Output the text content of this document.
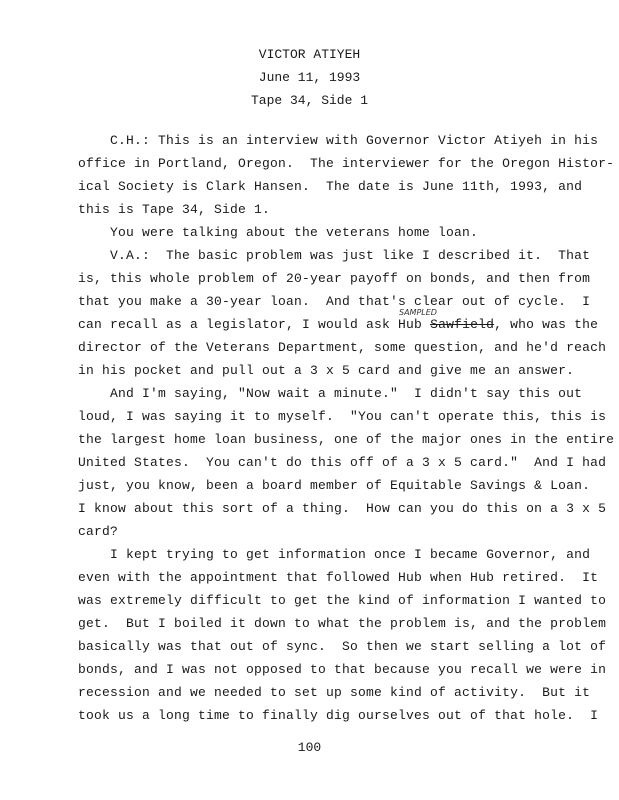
VICTOR ATIYEH
June 11, 1993
Tape 34, Side 1
C.H.: This is an interview with Governor Victor Atiyeh in his
office in Portland, Oregon.  The interviewer for the Oregon Histor-
ical Society is Clark Hansen.  The date is June 11th, 1993, and
this is Tape 34, Side 1.
You were talking about the veterans home loan.
V.A.:  The basic problem was just like I described it.  That
is, this whole problem of 20-year payoff on bonds, and then from
that you make a 30-year loan.  And that's clear out of cycle.  I
can recall as a legislator, I would ask Hub Sawfield, who was the
SAMPLED
director of the Veterans Department, some question, and he'd reach
in his pocket and pull out a 3 x 5 card and give me an answer.
And I'm saying, "Now wait a minute."  I didn't say this out
loud, I was saying it to myself.  "You can't operate this, this is
the largest home loan business, one of the major ones in the entire
United States.  You can't do this off of a 3 x 5 card."  And I had
just, you know, been a board member of Equitable Savings & Loan.
I know about this sort of a thing.  How can you do this on a 3 x 5
card?
I kept trying to get information once I became Governor, and
even with the appointment that followed Hub when Hub retired.  It
was extremely difficult to get the kind of information I wanted to
get.  But I boiled it down to what the problem is, and the problem
basically was that out of sync.  So then we start selling a lot of
bonds, and I was not opposed to that because you recall we were in
recession and we needed to set up some kind of activity.  But it
took us a long time to finally dig ourselves out of that hole.  I
100
